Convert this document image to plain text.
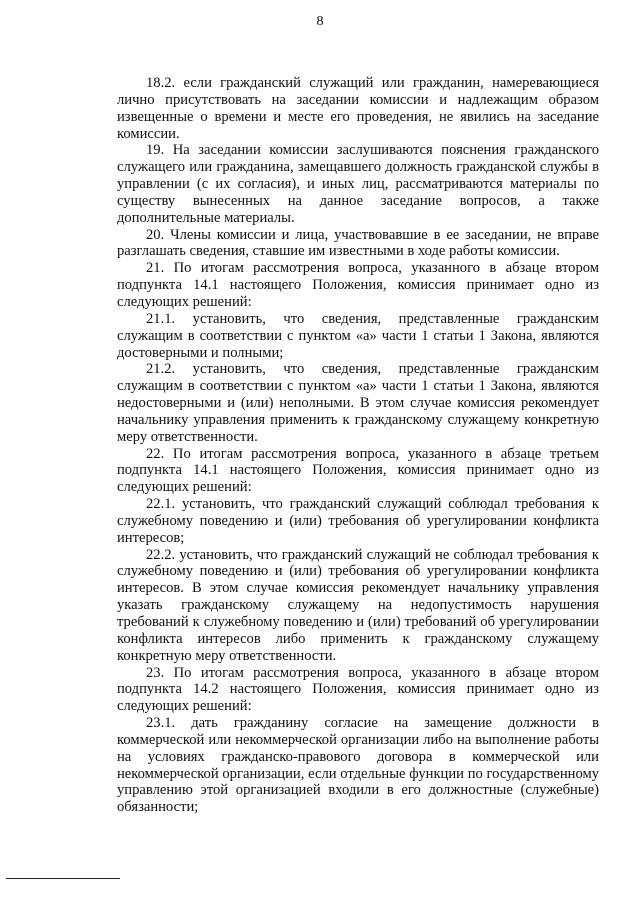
8

18.2. если гражданский служащий или гражданин, намеревающиеся лично присутствовать на заседании комиссии и надлежащим образом извещенные о времени и месте его проведения, не явились на заседание комиссии.

19. На заседании комиссии заслушиваются пояснения гражданского служащего или гражданина, замещавшего должность гражданской службы в управлении (с их согласия), и иных лиц, рассматриваются материалы по существу вынесенных на данное заседание вопросов, а также дополнительные материалы.

20. Члены комиссии и лица, участвовавшие в ее заседании, не вправе разглашать сведения, ставшие им известными в ходе работы комиссии.

21. По итогам рассмотрения вопроса, указанного в абзаце втором подпункта 14.1 настоящего Положения, комиссия принимает одно из следующих решений:

21.1. установить, что сведения, представленные гражданским служащим в соответствии с пунктом «а» части 1 статьи 1 Закона, являются достоверными и полными;

21.2. установить, что сведения, представленные гражданским служащим в соответствии с пунктом «а» части 1 статьи 1 Закона, являются недостоверными и (или) неполными. В этом случае комиссия рекомендует начальнику управления применить к гражданскому служащему конкретную меру ответственности.

22. По итогам рассмотрения вопроса, указанного в абзаце третьем подпункта 14.1 настоящего Положения, комиссия принимает одно из следующих решений:

22.1. установить, что гражданский служащий соблюдал требования к служебному поведению и (или) требования об урегулировании конфликта интересов;

22.2. установить, что гражданский служащий не соблюдал требования к служебному поведению и (или) требования об урегулировании конфликта интересов. В этом случае комиссия рекомендует начальнику управления указать гражданскому служащему на недопустимость нарушения требований к служебному поведению и (или) требований об урегулировании конфликта интересов либо применить к гражданскому служащему конкретную меру ответственности.

23. По итогам рассмотрения вопроса, указанного в абзаце втором подпункта 14.2 настоящего Положения, комиссия принимает одно из следующих решений:

23.1. дать гражданину согласие на замещение должности в коммерческой или некоммерческой организации либо на выполнение работы на условиях гражданско-правового договора в коммерческой или некоммерческой организации, если отдельные функции по государственному управлению этой организацией входили в его должностные (служебные) обязанности;
